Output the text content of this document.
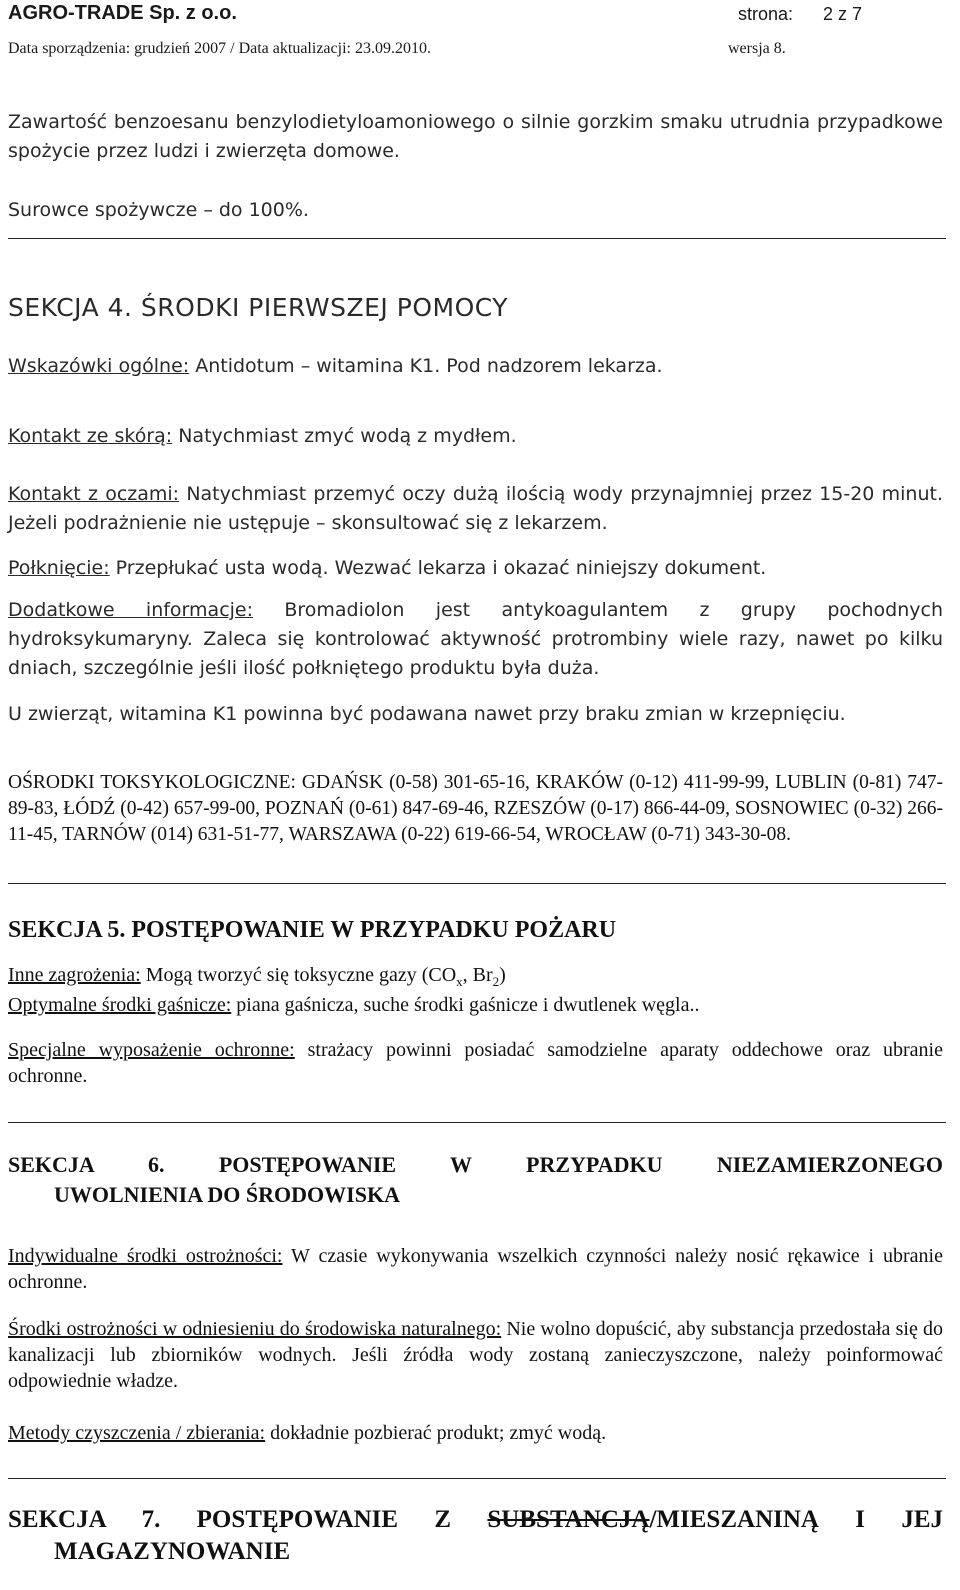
AGRO-TRADE Sp. z o.o.	strona: 2 z 7
Data sporządzenia: grudzień 2007 / Data aktualizacji: 23.09.2010.	wersja 8.

Zawartość benzoesanu benzylodietyloamoniowego o silnie gorzkim smaku utrudnia przypadkowe spożycie przez ludzi i zwierzęta domowe.

Surowce spożywcze – do 100%.

SEKCJA 4. ŚRODKI PIERWSZEJ POMOCY

Wskazówki ogólne: Antidotum – witamina K1. Pod nadzorem lekarza.

Kontakt ze skórą: Natychmiast zmyć wodą z mydłem.

Kontakt z oczami: Natychmiast przemyć oczy dużą ilością wody przynajmniej przez 15-20 minut. Jeżeli podrażnienie nie ustępuje – skonsultować się z lekarzem.

Połknięcie: Przepłukać usta wodą. Wezwać lekarza i okazać niniejszy dokument.

Dodatkowe informacje: Bromadiolon jest antykoagulantem z grupy pochodnych hydroksykumaryny. Zaleca się kontrolować aktywność protrombiny wiele razy, nawet po kilku dniach, szczególnie jeśli ilość połkniętego produktu była duża.

U zwierząt, witamina K1 powinna być podawana nawet przy braku zmian w krzepnięciu.

OŚRODKI TOKSYKOLOGICZNE: GDAŃSK (0-58) 301-65-16, KRAKÓW (0-12) 411-99-99, LUBLIN (0-81) 747-89-83, ŁÓDŹ (0-42) 657-99-00, POZNAŃ (0-61) 847-69-46, RZESZÓW (0-17) 866-44-09, SOSNOWIEC (0-32) 266-11-45, TARNÓW (014) 631-51-77, WARSZAWA (0-22) 619-66-54, WROCŁAW (0-71) 343-30-08.

SEKCJA 5. POSTĘPOWANIE W PRZYPADKU POŻARU

Inne zagrożenia: Mogą tworzyć się toksyczne gazy ($CO_x$, $Br_2$)

Optymalne środki gaśnicze: piana gaśnicza, suche środki gaśnicze i dwutlenek węgla..

Specjalne wyposażenie ochronne: strażacy powinni posiadać samodzielne aparaty oddechowe oraz ubranie ochronne.

SEKCJA 6. POSTĘPOWANIE W PRZYPADKU NIEZAMIERZONEGO
UWOLNIENIA DO ŚRODOWISKA

Indywidualne środki ostrożności: W czasie wykonywania wszelkich czynności należy nosić rękawice i ubranie ochronne.

Środki ostrożności w odniesieniu do środowiska naturalnego: Nie wolno dopuścić, aby substancja przedostała się do kanalizacji lub zbiorników wodnych. Jeśli źródła wody zostaną zanieczyszczone, należy poinformować odpowiednie władze.

Metody czyszczenia / zbierania: dokładnie pozbierać produkt; zmyć wodą.

SEKCJA 7. POSTĘPOWANIE Z SUBSTANCJĄ/MIESZANINĄ I JEJ
MAGAZYNOWANIE
